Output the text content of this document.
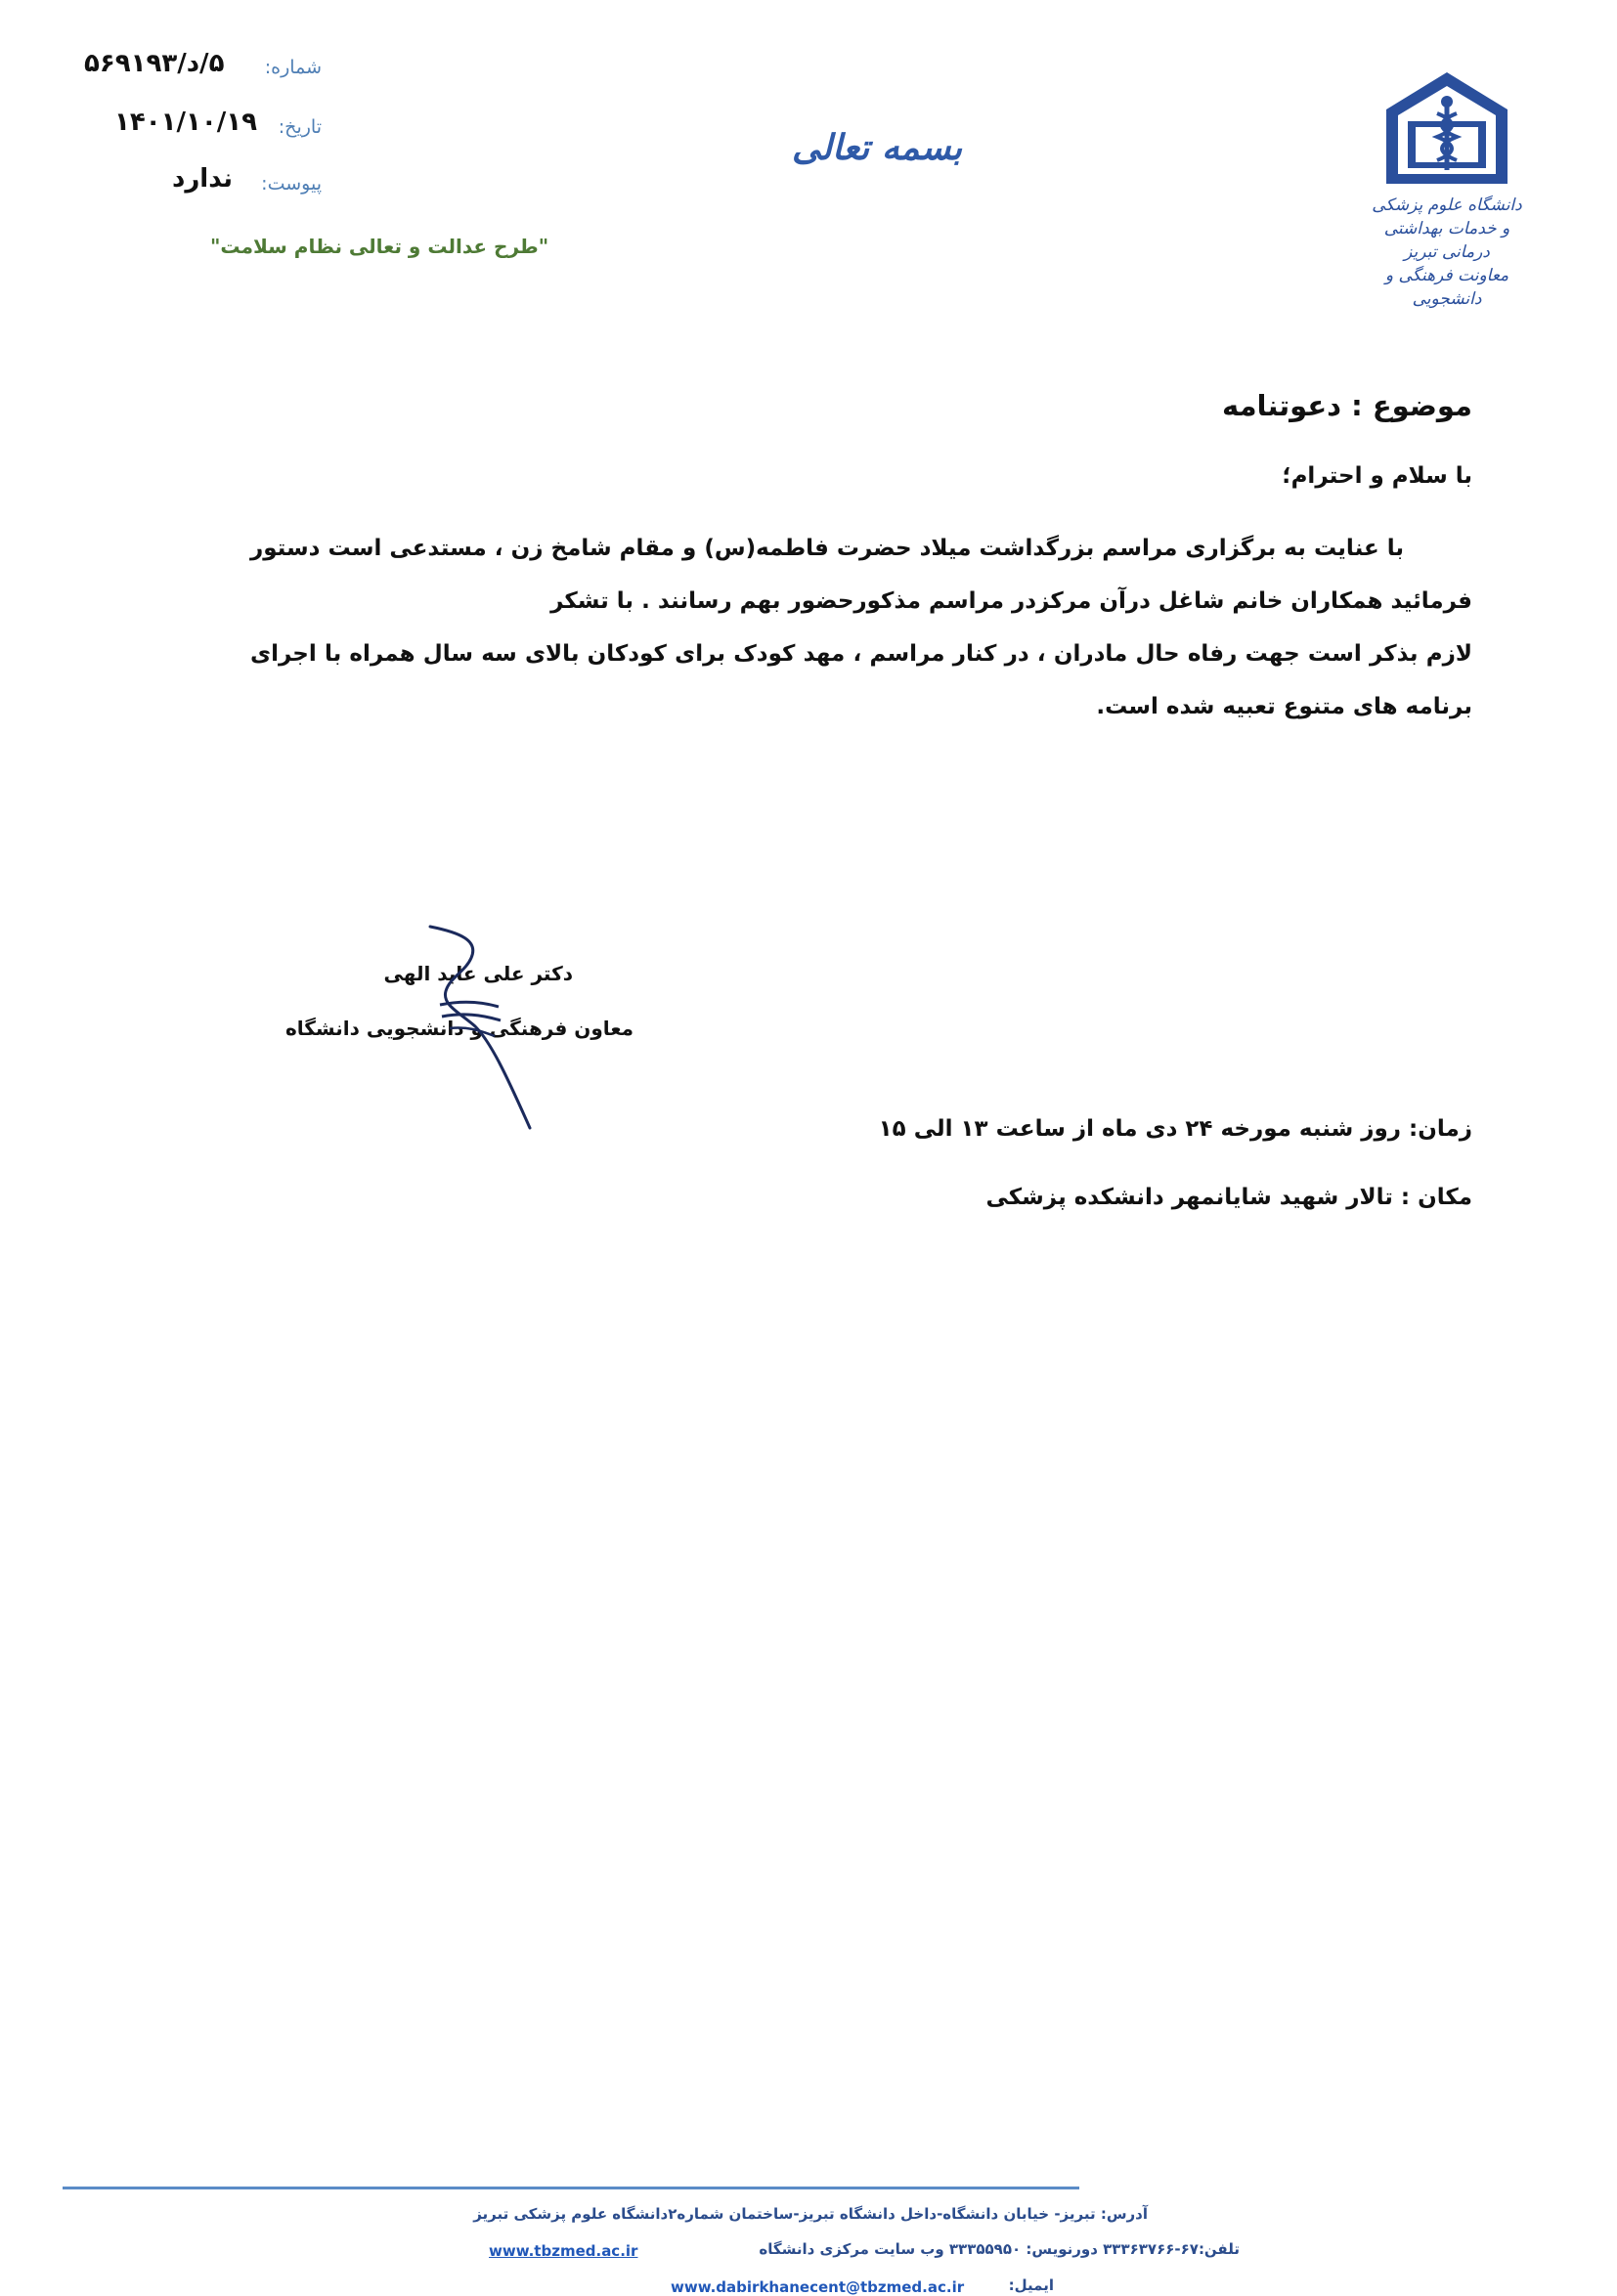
شماره:
۵/د/۵۶۹۱۹۳
تاریخ:
۱۴۰۱/۱۰/۱۹
پیوست:
ندارد
"طرح عدالت و تعالی نظام سلامت"
بسمه تعالی
دانشگاه علوم پزشکی
و خدمات بهداشتی درمانی تبریز
معاونت فرهنگی و دانشجویی
موضوع : دعوتنامه
با سلام و احترام؛

با عنایت به برگزاری مراسم بزرگداشت میلاد حضرت فاطمه(س) و مقام شامخ زن ، مستدعی است دستور فرمائید همکاران خانم شاغل درآن مرکزدر مراسم مذکورحضور بهم رسانند . با تشکر

لازم بذکر است جهت رفاه حال مادران ، در کنار مراسم ، مهد کودک برای کودکان بالای سه سال همراه با اجرای برنامه های متنوع تعبیه شده است.

دکتر علی عابد الهی
معاون فرهنگی و دانشجویی دانشگاه
زمان: روز شنبه مورخه ۲۴ دی ماه از ساعت ۱۳ الی ۱۵
مکان : تالار شهید شایانمهر دانشکده پزشکی
آدرس: تبریز- خیابان دانشگاه-داخل دانشگاه تبریز-ساختمان شماره۲دانشگاه علوم پزشکی تبریز
تلفن:۶۷-۳۳۳۶۳۷۶۶ دورنویس: ۳۳۳۵۵۹۵۰ وب سایت مرکزی دانشگاه
www.tbzmed.ac.ir
ایمیل:
www.dabirkhanecent@tbzmed.ac.ir
